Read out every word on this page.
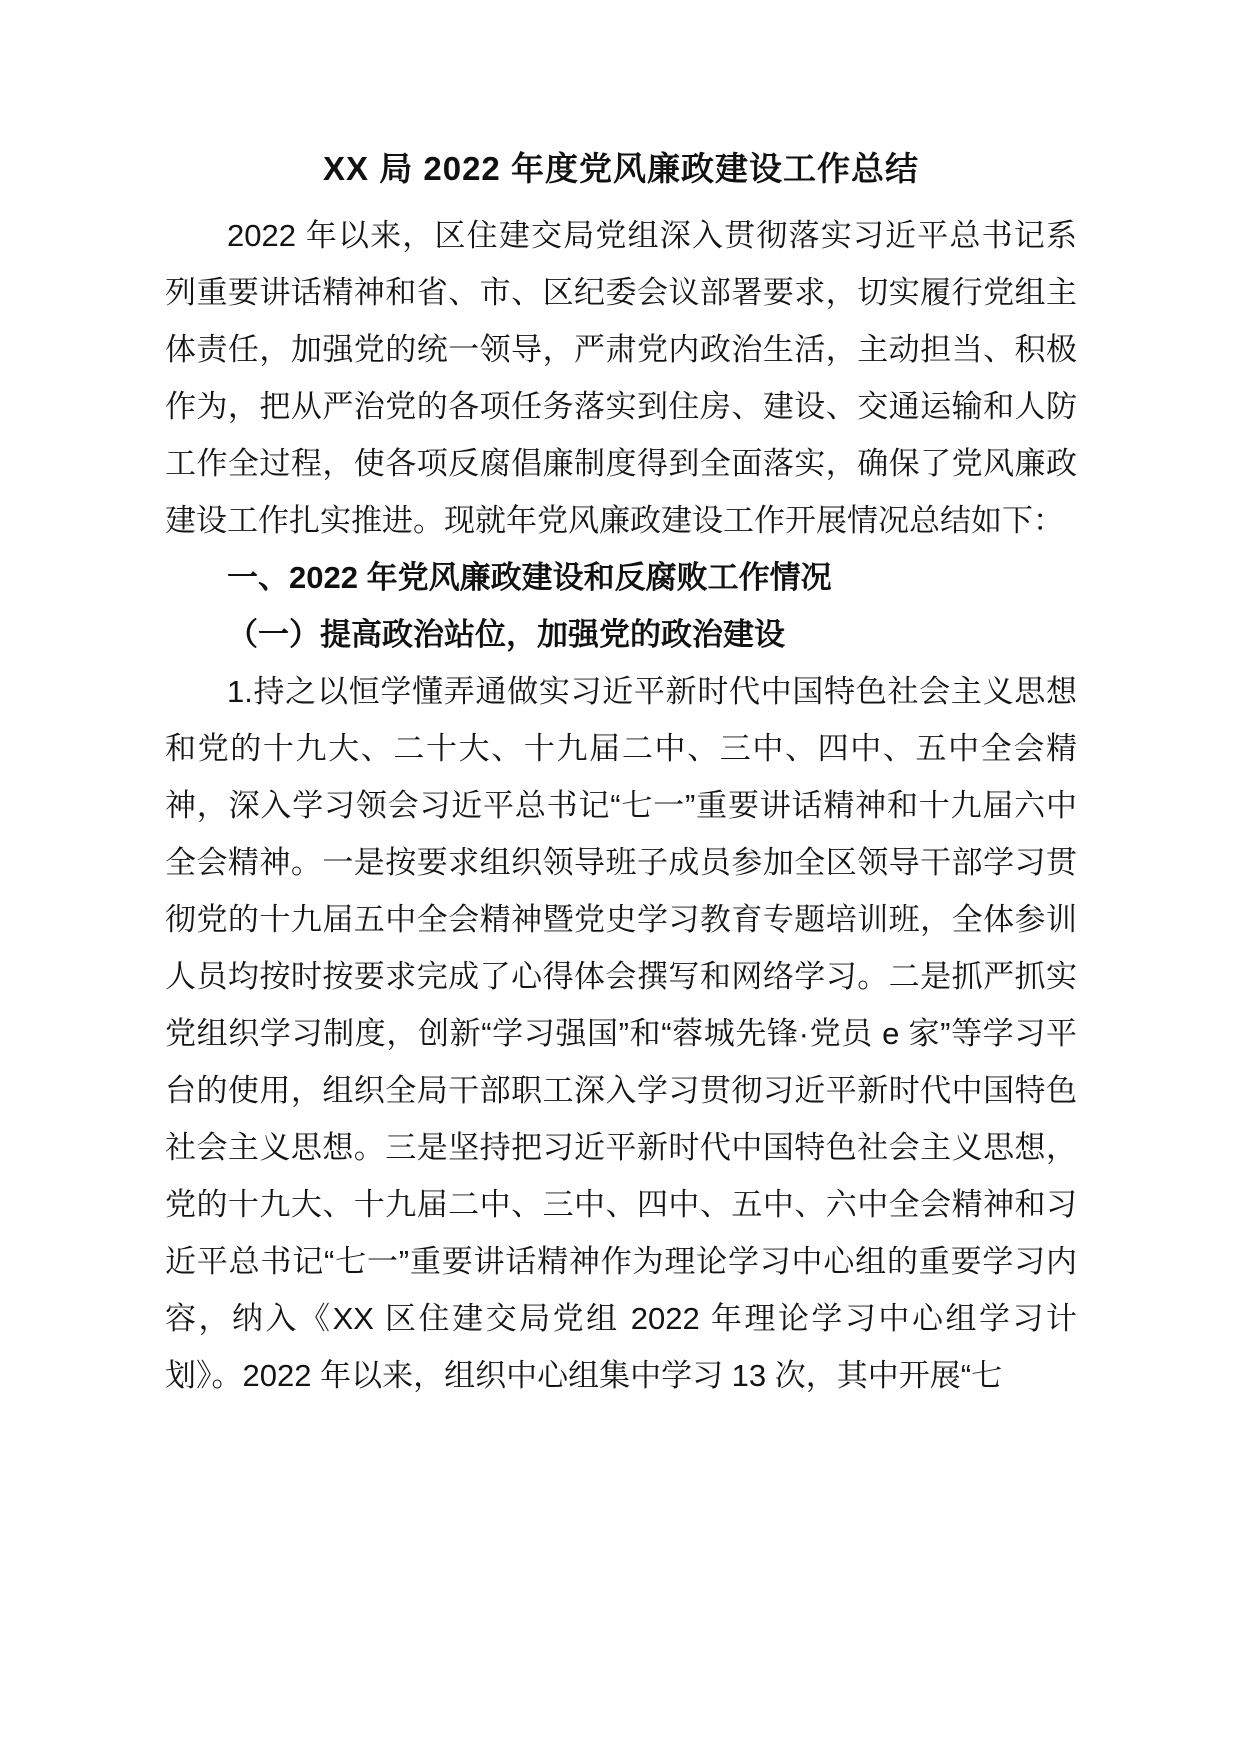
XX 局 2022 年度党风廉政建设工作总结

2022 年以来，区住建交局党组深入贯彻落实习近平总书记系列重要讲话精神和省、市、区纪委会议部署要求，切实履行党组主体责任，加强党的统一领导，严肃党内政治生活，主动担当、积极作为，把从严治党的各项任务落实到住房、建设、交通运输和人防工作全过程，使各项反腐倡廉制度得到全面落实，确保了党风廉政建设工作扎实推进。现就年党风廉政建设工作开展情况总结如下：

一、2022 年党风廉政建设和反腐败工作情况

（一）提高政治站位，加强党的政治建设

1.持之以恒学懂弄通做实习近平新时代中国特色社会主义思想和党的十九大、二十大、十九届二中、三中、四中、五中全会精神，深入学习领会习近平总书记“七一”重要讲话精神和十九届六中全会精神。一是按要求组织领导班子成员参加全区领导干部学习贯彻党的十九届五中全会精神暨党史学习教育专题培训班，全体参训人员均按时按要求完成了心得体会撰写和网络学习。二是抓严抓实党组织学习制度，创新“学习强国”和“蓉城先锋·党员 e 家”等学习平台的使用，组织全局干部职工深入学习贯彻习近平新时代中国特色社会主义思想。三是坚持把习近平新时代中国特色社会主义思想，党的十九大、十九届二中、三中、四中、五中、六中全会精神和习近平总书记“七一”重要讲话精神作为理论学习中心组的重要学习内容，纳入《XX 区住建交局党组 2022 年理论学习中心组学习计划》。2022 年以来，组织中心组集中学习 13 次，其中开展“七
